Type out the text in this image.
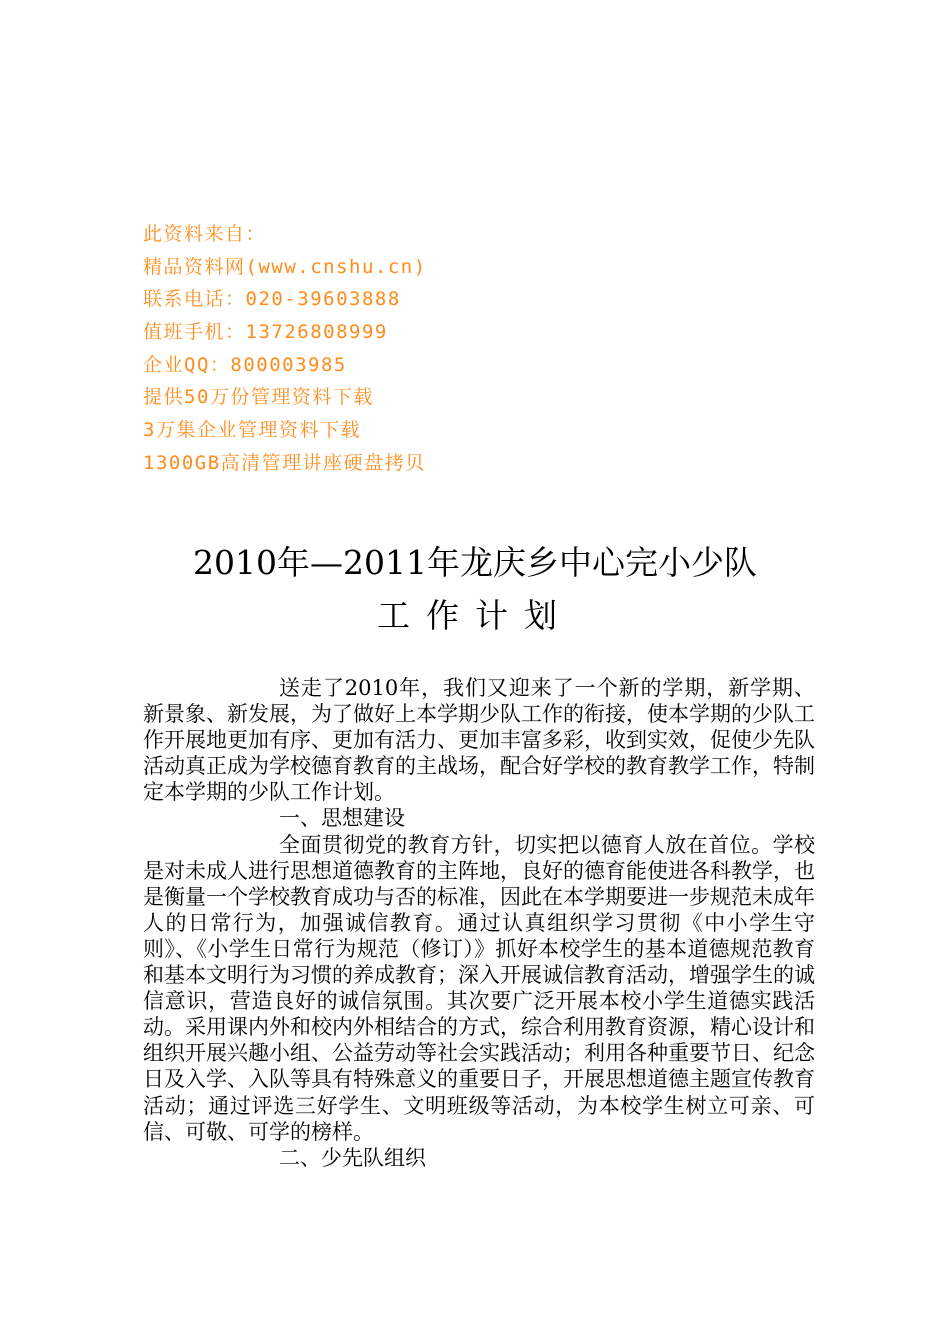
此资料来自：
精品资料网(www.cnshu.cn)
联系电话：020-39603888
值班手机：13726808999
企业QQ：800003985
提供50万份管理资料下载
3万集企业管理资料下载
1300GB高清管理讲座硬盘拷贝
2010年—2011年龙庆乡中心完小少队
工作计划

送走了2010年，我们又迎来了一个新的学期，新学期、新景象、新发展，为了做好上本学期少队工作的衔接，使本学期的少队工作开展地更加有序、更加有活力、更加丰富多彩，收到实效，促使少先队活动真正成为学校德育教育的主战场，配合好学校的教育教学工作，特制定本学期的少队工作计划。

一、思想建设

全面贯彻党的教育方针，切实把以德育人放在首位。学校是对未成人进行思想道德教育的主阵地，良好的德育能使进各科教学，也是衡量一个学校教育成功与否的标准，因此在本学期要进一步规范未成年人的日常行为，加强诚信教育。通过认真组织学习贯彻《中小学生守则》、《小学生日常行为规范（修订）》抓好本校学生的基本道德规范教育和基本文明行为习惯的养成教育；深入开展诚信教育活动，增强学生的诚信意识，营造良好的诚信氛围。其次要广泛开展本校小学生道德实践活动。采用课内外和校内外相结合的方式，综合利用教育资源，精心设计和组织开展兴趣小组、公益劳动等社会实践活动；利用各种重要节日、纪念日及入学、入队等具有特殊意义的重要日子，开展思想道德主题宣传教育活动；通过评选三好学生、文明班级等活动，为本校学生树立可亲、可信、可敬、可学的榜样。

二、少先队组织
